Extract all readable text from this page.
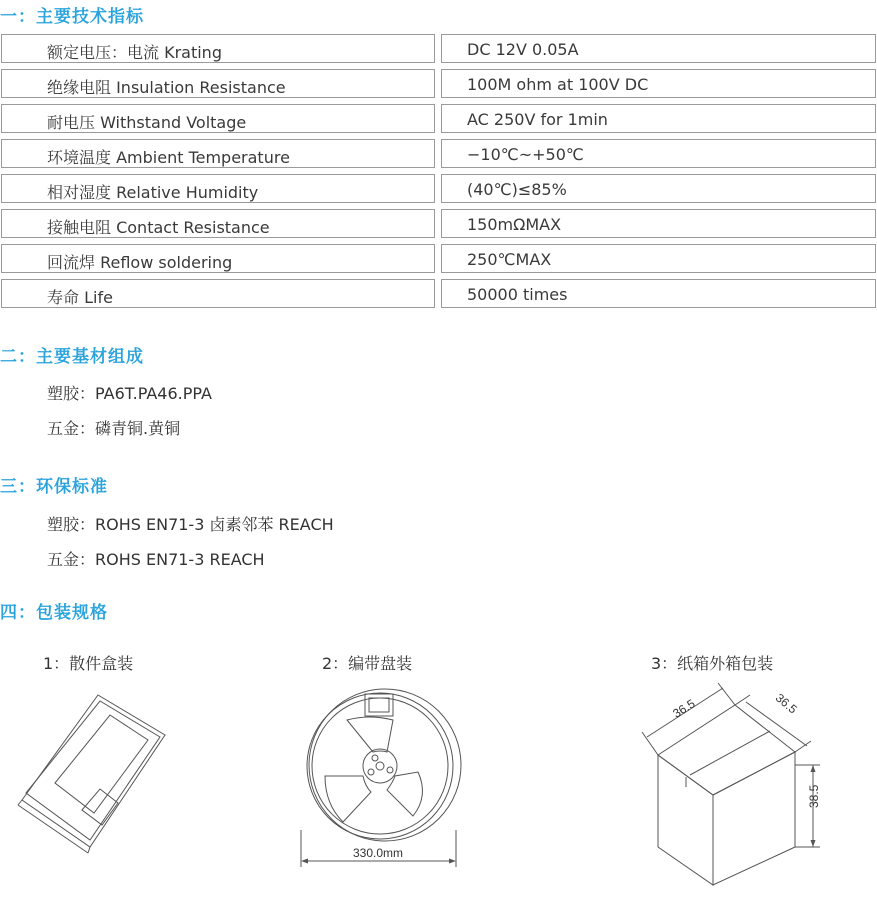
一：主要技术指标
额定电压：电流 Krating	DC 12V 0.05A
绝缘电阻 Insulation Resistance	100M ohm at 100V DC
耐电压 Withstand Voltage	AC 250V for 1min
环境温度 Ambient Temperature	−10℃~+50℃
相对湿度 Relative Humidity	(40℃)≤85%
接触电阻 Contact Resistance	150mΩMAX
回流焊 Reflow soldering	250℃MAX
寿命 Life	50000 times
二：主要基材组成
塑胶：PA6T.PA46.PPA
五金：磷青铜.黄铜
三：环保标准
塑胶：ROHS EN71-3 卤素邻苯 REACH
五金：ROHS EN71-3 REACH
四：包装规格
1：散件盒装	2：编带盘装	3：纸箱外箱包装
330.0mm
36.5	36.5
38.5
